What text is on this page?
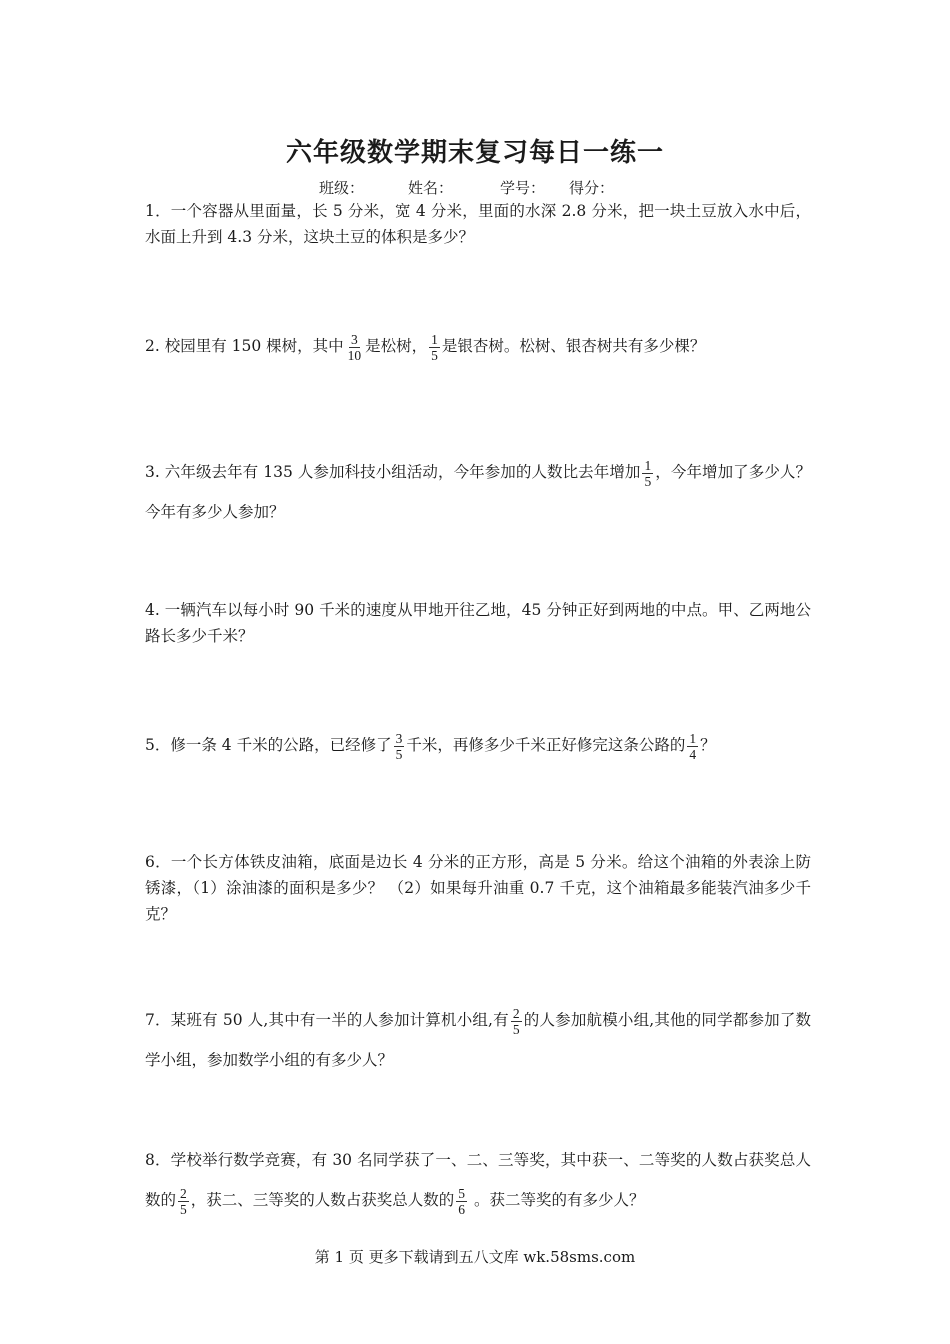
六年级数学期末复习每日一练一
班级：	姓名：	学号： 得分：
1．一个容器从里面量，长 5 分米，宽 4 分米，里面的水深 2.8 分米，把一块土豆放入水中后，水面上升到 4.3 分米，这块土豆的体积是多少？
2. 校园里有 150 棵树，其中 $\frac{3}{10}$ 是松树， $\frac{1}{5}$ 是银杏树。松树、银杏树共有多少棵？
3. 六年级去年有 135 人参加科技小组活动，今年参加的人数比去年增加 $\frac{1}{5}$ ，今年增加了多少人？今年有多少人参加？
4. 一辆汽车以每小时 90 千米的速度从甲地开往乙地，45 分钟正好到两地的中点。甲、乙两地公路长多少千米？
5．修一条 4 千米的公路，已经修了 $\frac{3}{5}$ 千米，再修多少千米正好修完这条公路的 $\frac{1}{4}$ ？
6．一个长方体铁皮油箱，底面是边长 4 分米的正方形，高是 5 分米。给这个油箱的外表涂上防锈漆，（1）涂油漆的面积是多少？ （2）如果每升油重 0.7 千克，这个油箱最多能装汽油多少千克？
7．某班有 50 人,其中有一半的人参加计算机小组,有 $\frac{2}{5}$ 的人参加航模小组,其他的同学都参加了数学小组，参加数学小组的有多少人？
8．学校举行数学竞赛，有 30 名同学获了一、二、三等奖，其中获一、二等奖的人数占获奖总人数的 $\frac{2}{5}$ ，获二、三等奖的人数占获奖总人数的 $\frac{5}{6}$ 。获二等奖的有多少人？
第 1 页 更多下载请到五八文库 wk.58sms.com
